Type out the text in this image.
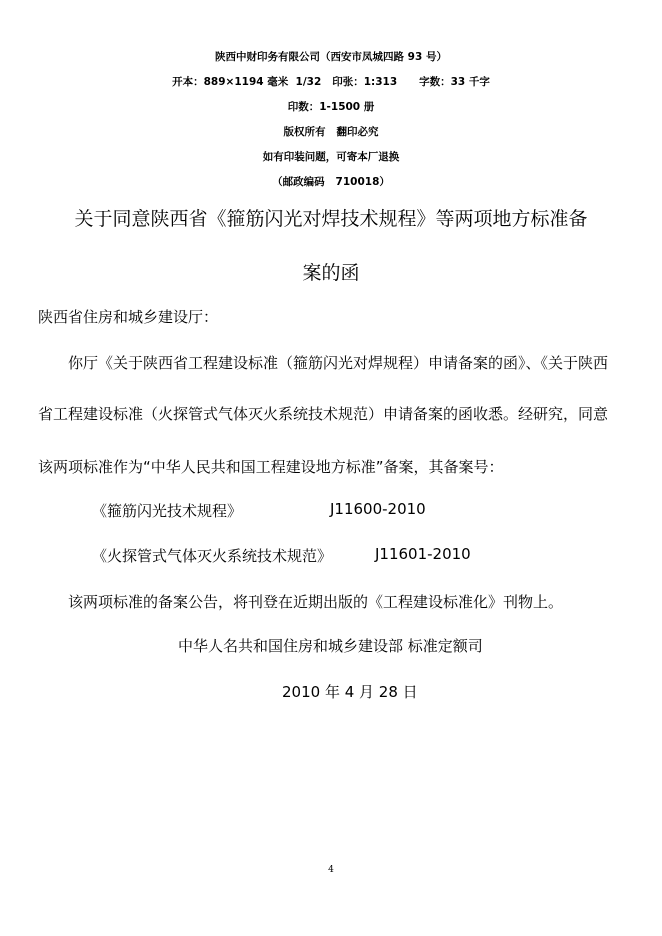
陕西中财印务有限公司（西安市凤城四路 93 号）
开本：889×1194 毫米  1/32   印张：1:313      字数：33 千字
印数：1-1500 册
版权所有   翻印必究
如有印装问题，可寄本厂退换
（邮政编码   710018）
关于同意陕西省《箍筋闪光对焊技术规程》等两项地方标准备
案的函
陕西省住房和城乡建设厅：
你厅《关于陕西省工程建设标准（箍筋闪光对焊规程）申请备案的函》、《关于陕西
省工程建设标准（火探管式气体灭火系统技术规范）申请备案的函收悉。经研究，同意
该两项标准作为“中华人民共和国工程建设地方标准”备案，其备案号：
《箍筋闪光技术规程》	J11600-2010
《火探管式气体灭火系统技术规范》	J11601-2010
该两项标准的备案公告，将刊登在近期出版的《工程建设标准化》刊物上。
中华人名共和国住房和城乡建设部 标准定额司
2010 年 4 月 28 日
4
